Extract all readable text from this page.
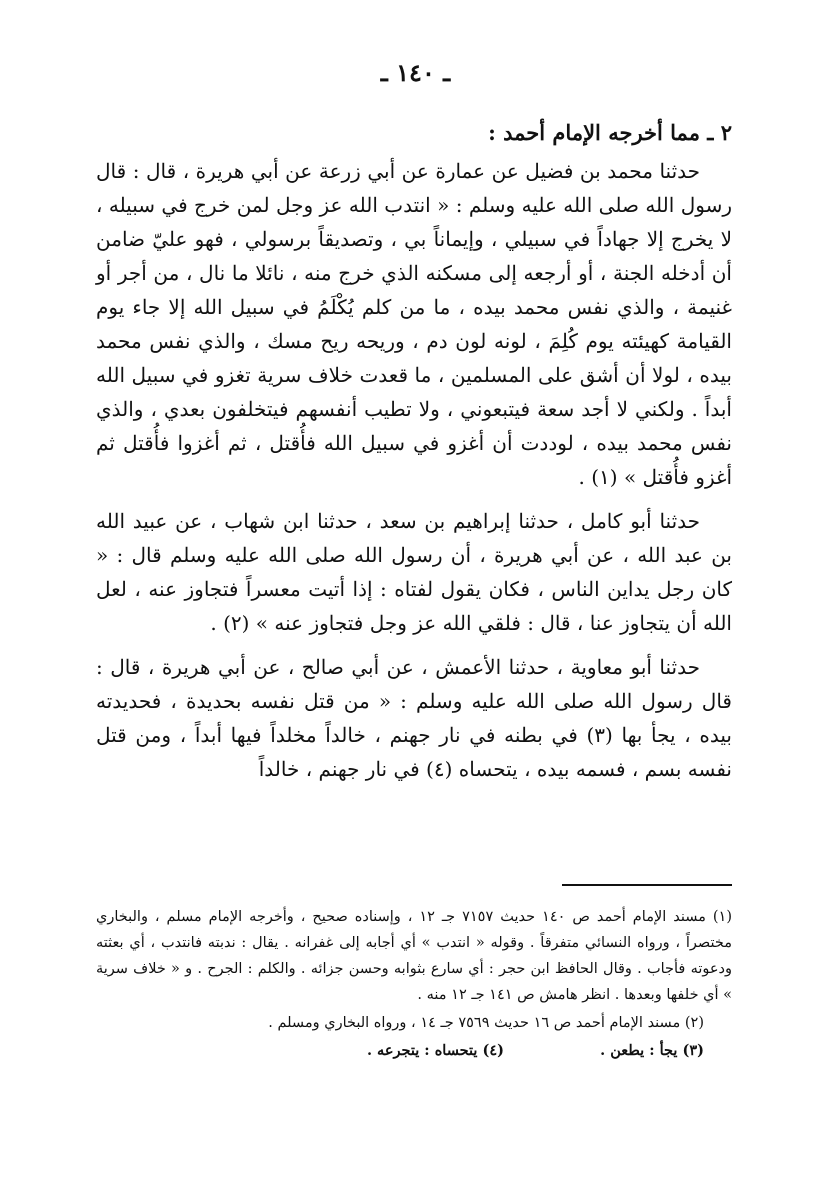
ـ ١٤٠ ـ

٢ ـ مما أخرجه الإمام أحمد :

حدثنا محمد بن فضيل عن عمارة عن أبي زرعة عن أبي هريرة ، قال : قال رسول الله صلى الله عليه وسلم : « انتدب الله عز وجل لمن خرج في سبيله ، لا يخرج إلا جهاداً في سبيلي ، وإيماناً بي ، وتصديقاً برسولي ، فهو عليّ ضامن أن أدخله الجنة ، أو أرجعه إلى مسكنه الذي خرج منه ، نائلا ما نال ، من أجر أو غنيمة ، والذي نفس محمد بيده ، ما من كلم يُكْلَمُ في سبيل الله إلا جاء يوم القيامة كهيئته يوم كُلِمَ ، لونه لون دم ، وريحه ريح مسك ، والذي نفس محمد بيده ، لولا أن أشق على المسلمين ، ما قعدت خلاف سرية تغزو في سبيل الله أبداً . ولكني لا أجد سعة فيتبعوني ، ولا تطيب أنفسهم فيتخلفون بعدي ، والذي نفس محمد بيده ، لوددت أن أغزو في سبيل الله فأُقتل ، ثم أغزوا فأُقتل ثم أغزو فأُقتل » (١) .

حدثنا أبو كامل ، حدثنا إبراهيم بن سعد ، حدثنا ابن شهاب ، عن عبيد الله بن عبد الله ، عن أبي هريرة ، أن رسول الله صلى الله عليه وسلم قال : « كان رجل يداين الناس ، فكان يقول لفتاه : إذا أتيت معسراً فتجاوز عنه ، لعل الله أن يتجاوز عنا ، قال : فلقي الله عز وجل فتجاوز عنه » (٢) .

حدثنا أبو معاوية ، حدثنا الأعمش ، عن أبي صالح ، عن أبي هريرة ، قال : قال رسول الله صلى الله عليه وسلم : « من قتل نفسه بحديدة ، فحديدته بيده ، يجأ بها (٣) في بطنه في نار جهنم ، خالداً مخلداً فيها أبداً ، ومن قتل نفسه بسم ، فسمه بيده ، يتحساه (٤) في نار جهنم ، خالداً

(١) مسند الإمام أحمد ص ١٤٠ حديث ٧١٥٧ جـ ١٢ ، وإسناده صحيح ، وأخرجه الإمام مسلم ، والبخاري مختصراً ، ورواه النسائي متفرقاً . وقوله « انتدب » أي أجابه إلى غفرانه . يقال : ندبته فانتدب ، أي بعثته ودعوته فأجاب . وقال الحافظ ابن حجر : أي سارع بثوابه وحسن جزائه . والكلم : الجرح . و « خلاف سرية » أي خلفها وبعدها . انظر هامش ص ١٤١ جـ ١٢ منه .

(٢) مسند الإمام أحمد ص ١٦ حديث ٧٥٦٩ جـ ١٤ ، ورواه البخاري ومسلم .

(٣) يجأ : يطعن .
(٤) يتحساه : يتجرعه .
